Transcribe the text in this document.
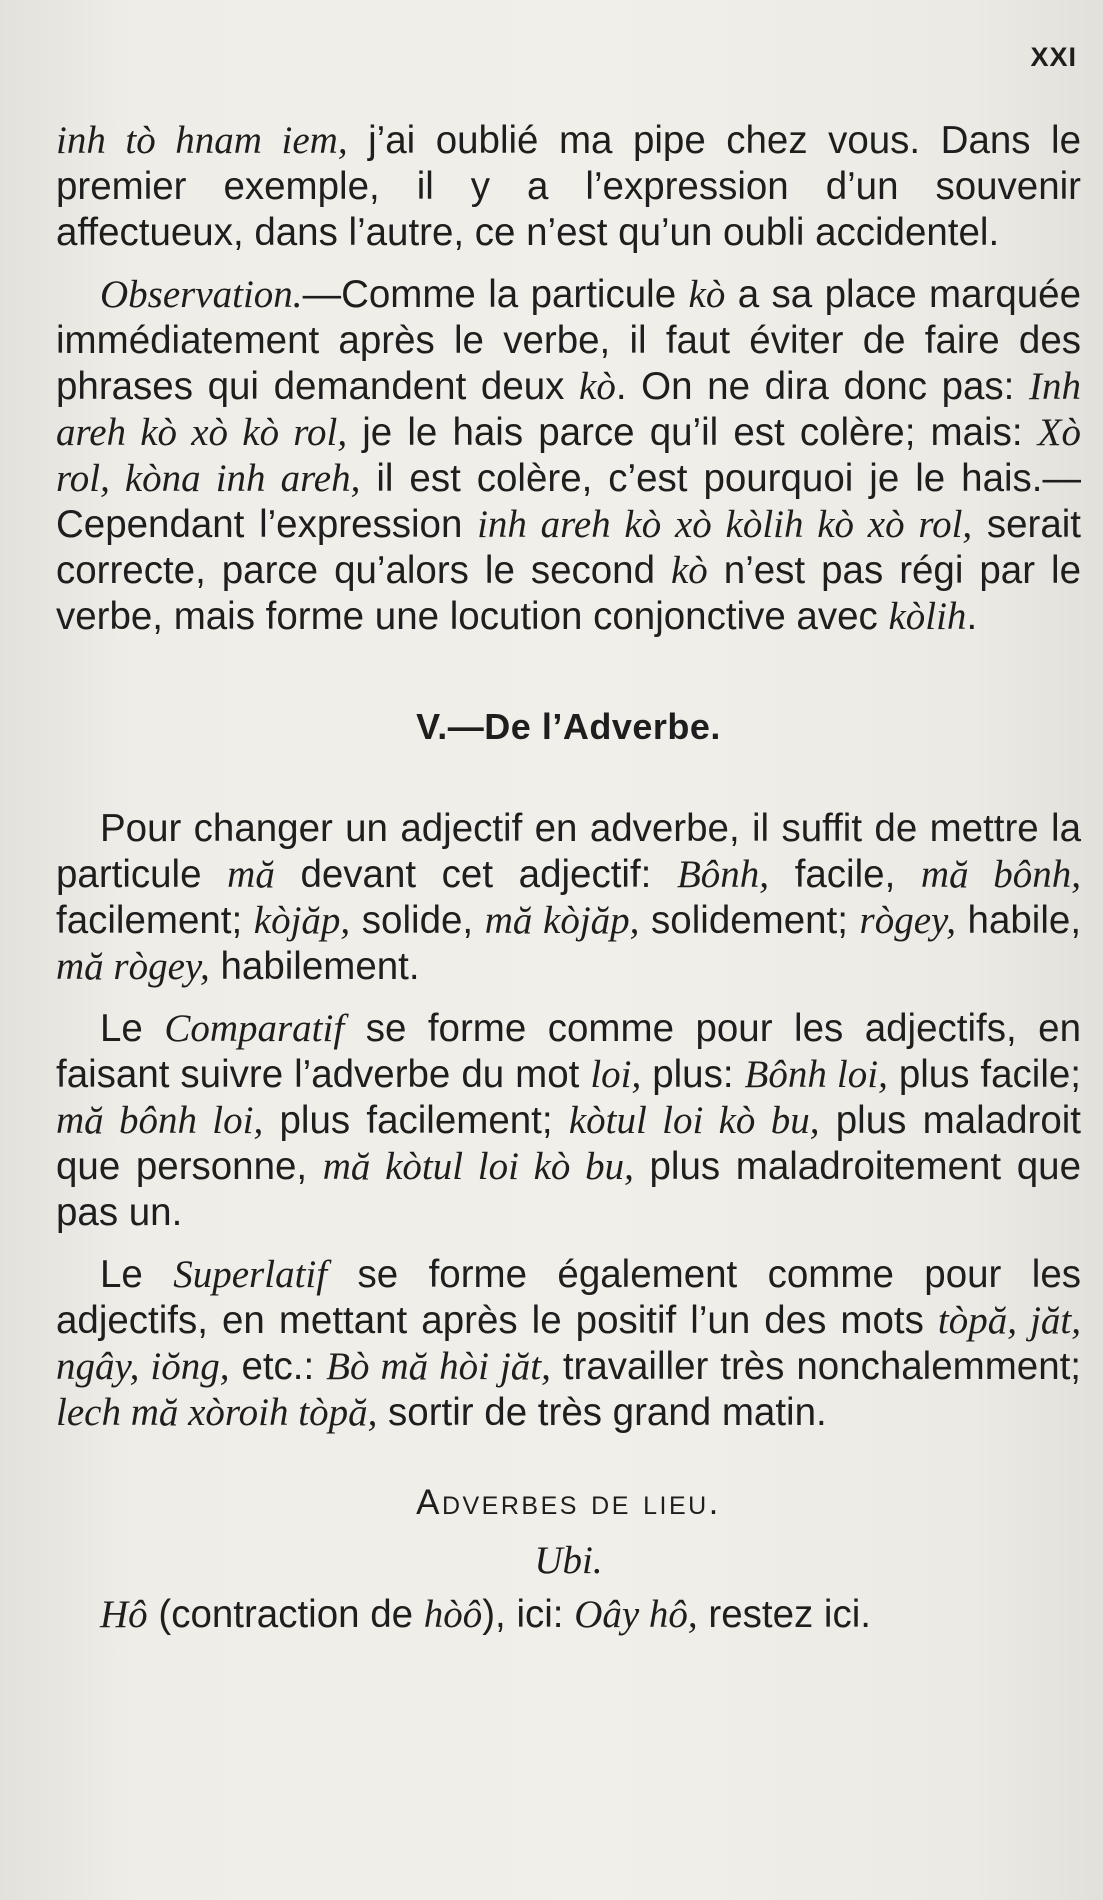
XXI

inh tò hnam iem, j’ai oublié ma pipe chez vous. Dans le premier exemple, il y a l’expression d’un souvenir affectueux, dans l’autre, ce n’est qu’un oubli accidentel.

Observation.—Comme la particule kò a sa place marquée immédiatement après le verbe, il faut éviter de faire des phrases qui demandent deux kò. On ne dira donc pas: Inh areh kò xò kò rol, je le hais parce qu’il est colère; mais: Xò rol, kòna inh areh, il est colère, c’est pourquoi je le hais.—Cependant l’expression inh areh kò xò kòlih kò xò rol, serait correcte, parce qu’alors le second kò n’est pas régi par le verbe, mais forme une locution conjonctive avec kòlih.

V.—De l’Adverbe.

Pour changer un adjectif en adverbe, il suffit de mettre la particule mă devant cet adjectif: Bônh, facile, mă bônh, facilement; kòjăp, solide, mă kòjăp, solidement; rògey, habile, mă rògey, habilement.

Le Comparatif se forme comme pour les adjectifs, en faisant suivre l’adverbe du mot loi, plus: Bônh loi, plus facile; mă bônh loi, plus facilement; kòtul loi kò bu, plus maladroit que personne, mă kòtul loi kò bu, plus maladroitement que pas un.

Le Superlatif se forme également comme pour les adjectifs, en mettant après le positif l’un des mots tòpă, jăt, ngây, iŏng, etc.: Bò mă hòi jăt, travailler très nonchalemment; lech mă xòroih tòpă, sortir de très grand matin.

Adverbes de lieu.
Ubi.

Hô (contraction de hòô), ici: Oây hô, restez ici.
